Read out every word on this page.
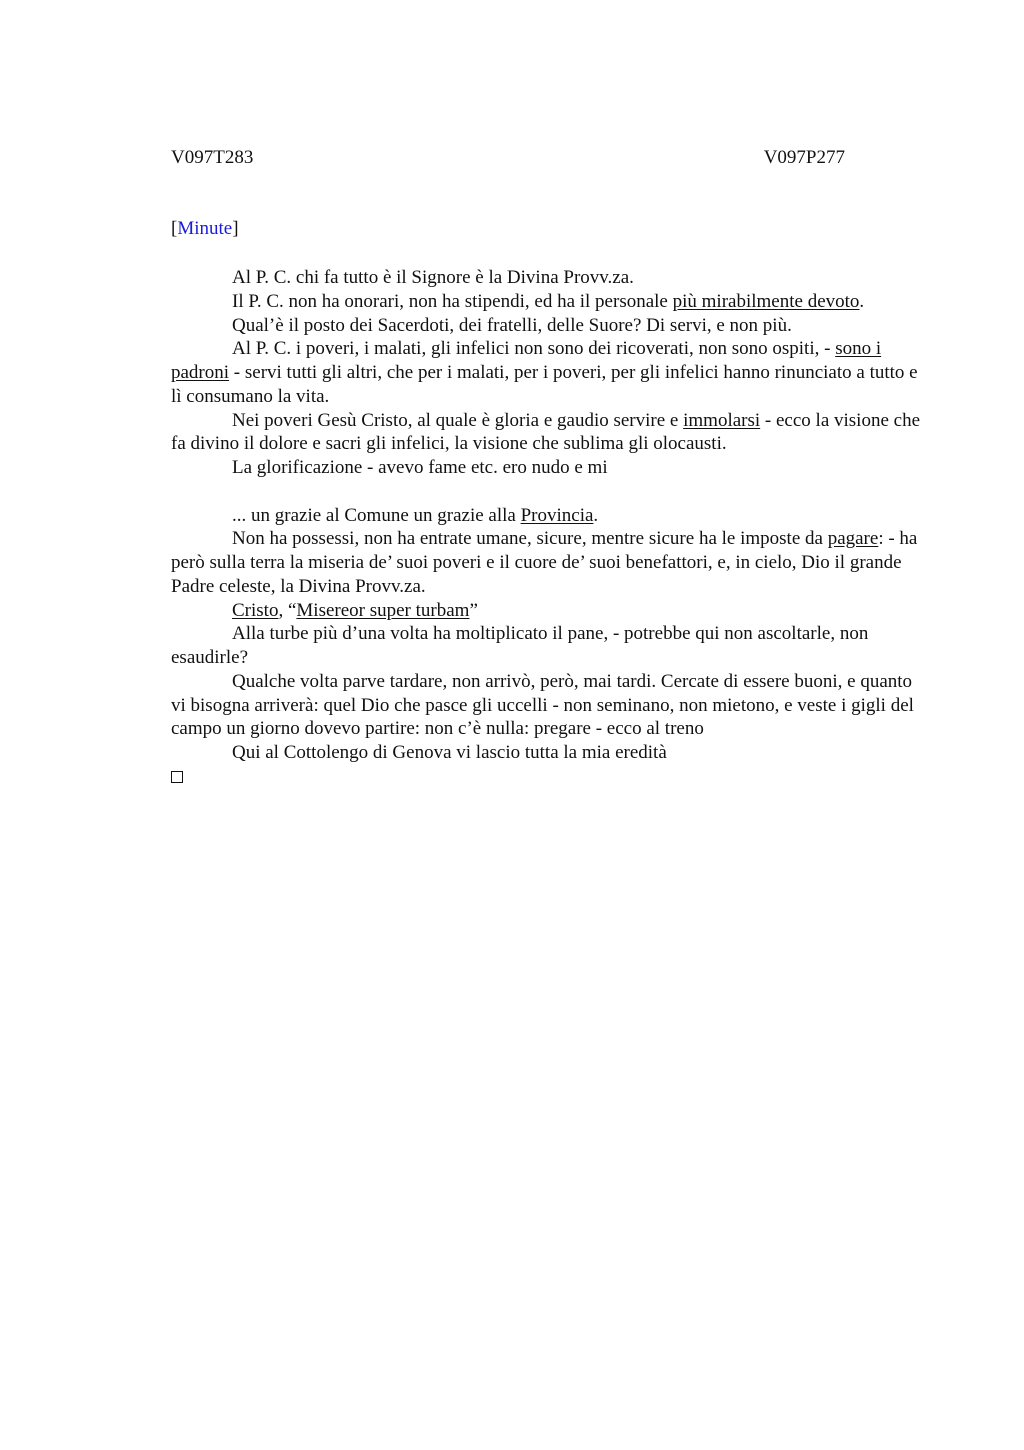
V097T283	V097P277
[Minute]

Al P. C. chi fa tutto è il Signore è la Divina Provv.za.

Il P. C. non ha onorari, non ha stipendi, ed ha il personale più mirabilmente devoto.

Qual’è il posto dei Sacerdoti, dei fratelli, delle Suore? Di servi, e non più.

Al P. C. i poveri, i malati, gli infelici non sono dei ricoverati, non sono ospiti, - sono i padroni - servi tutti gli altri, che per i malati, per i poveri, per gli infelici hanno rinunciato a tutto e lì consumano la vita.

Nei poveri Gesù Cristo, al quale è gloria e gaudio servire e immolarsi - ecco la visione che fa divino il dolore e sacri gli infelici, la visione che sublima gli olocausti.

La glorificazione - avevo fame etc. ero nudo e mi

... un grazie al Comune un grazie alla Provincia.

Non ha possessi, non ha entrate umane, sicure, mentre sicure ha le imposte da pagare: - ha però sulla terra la miseria de’ suoi poveri e il cuore de’ suoi benefattori, e, in cielo, Dio il grande Padre celeste, la Divina Provv.za.

Cristo, “Misereor super turbam”

Alla turbe più d’una volta ha moltiplicato il pane, - potrebbe qui non ascoltarle, non esaudirle?

Qualche volta parve tardare, non arrivò, però, mai tardi. Cercate di essere buoni, e quanto vi bisogna arriverà: quel Dio che pasce gli uccelli - non seminano, non mietono, e veste i gigli del campo un giorno dovevo partire: non c’è nulla: pregare - ecco al treno

Qui al Cottolengo di Genova vi lascio tutta la mia eredità
